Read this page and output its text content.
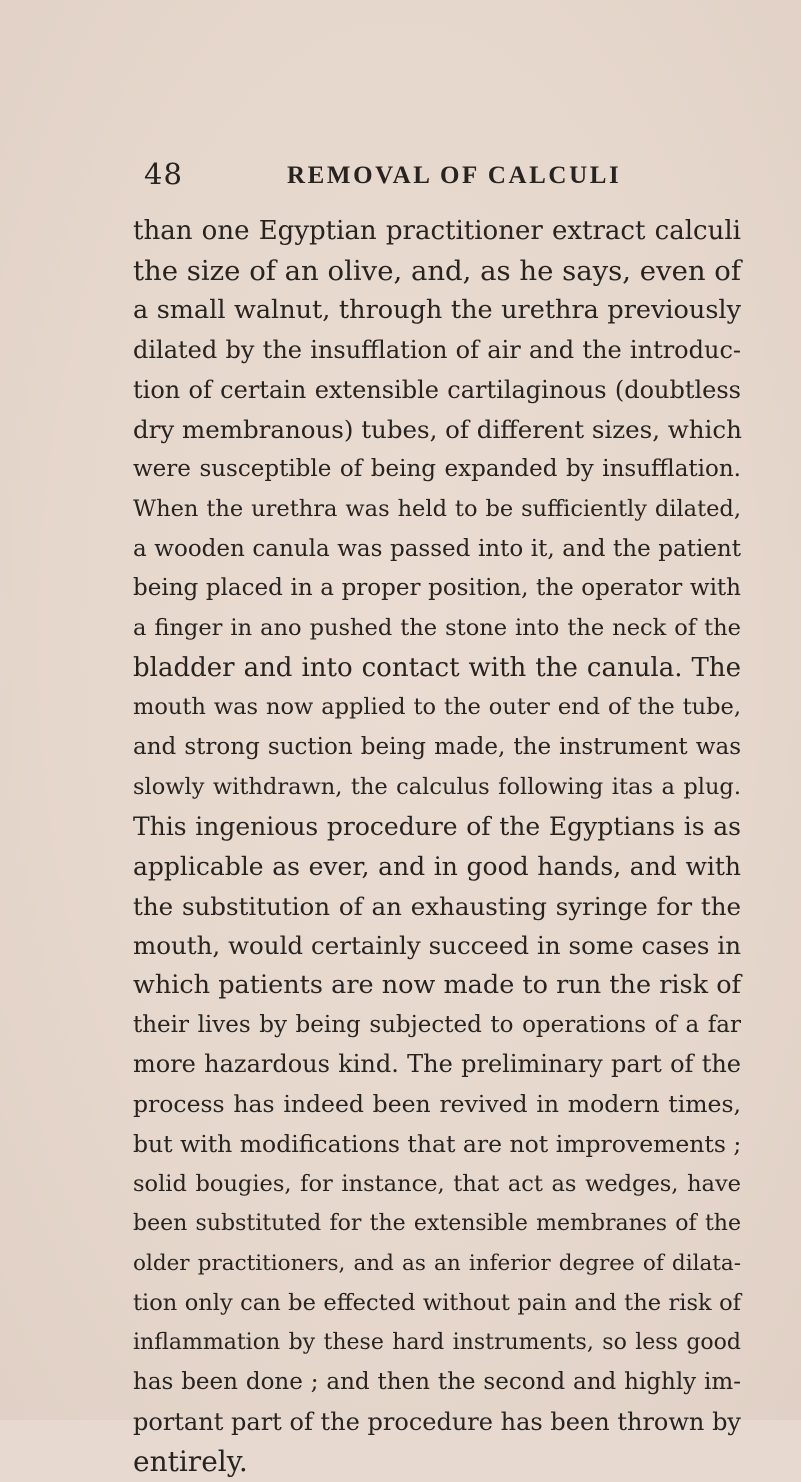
48	REMOVAL OF CALCULI
than one Egyptian practitioner extract calculi
the size of an olive, and, as he says, even of
a small walnut, through the urethra previously
dilated by the insufflation of air and the introduc-
tion of certain extensible cartilaginous (doubtless
dry membranous) tubes, of different sizes, which
were susceptible of being expanded by insufflation.
When the urethra was held to be sufficiently dilated,
a wooden canula was passed into it, and the patient
being placed in a proper position, the operator with
a finger in ano pushed the stone into the neck of the
bladder and into contact with the canula. The
mouth was now applied to the outer end of the tube,
and strong suction being made, the instrument was
slowly withdrawn, the calculus following itas a plug.
This ingenious procedure of the Egyptians is as
applicable as ever, and in good hands, and with
the substitution of an exhausting syringe for the
mouth, would certainly succeed in some cases in
which patients are now made to run the risk of
their lives by being subjected to operations of a far
more hazardous kind. The preliminary part of the
process has indeed been revived in modern times,
but with modifications that are not improvements ;
solid bougies, for instance, that act as wedges, have
been substituted for the extensible membranes of the
older practitioners, and as an inferior degree of dilata-
tion only can be effected without pain and the risk of
inflammation by these hard instruments, so less good
has been done ; and then the second and highly im-
portant part of the procedure has been thrown by
entirely.
